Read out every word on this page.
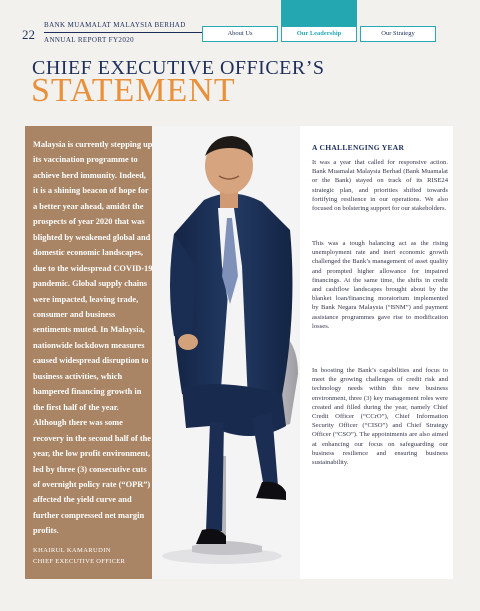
22
BANK MUAMALAT MALAYSIA BERHAD
ANNUAL REPORT FY2020
About Us	Our Leadership	Our Strategy
CHIEF EXECUTIVE OFFICER’S
STATEMENT
Malaysia is currently stepping up its vaccination programme to achieve herd immunity. Indeed, it is a shining beacon of hope for a better year ahead, amidst the prospects of year 2020 that was blighted by weakened global and domestic economic landscapes, due to the widespread COVID-19 pandemic. Global supply chains were impacted, leaving trade, consumer and business sentiments muted. In Malaysia, nationwide lockdown measures caused widespread disruption to business activities, which hampered financing growth in the first half of the year. Although there was some recovery in the second half of the year, the low profit environment, led by three (3) consecutive cuts of overnight policy rate (“OPR”) affected the yield curve and further compressed net margin profits.
KHAIRUL KAMARUDIN
CHIEF EXECUTIVE OFFICER
A CHALLENGING YEAR

It was a year that called for responsive action. Bank Muamalat Malaysia Berhad (Bank Muamalat or the Bank) stayed on track of its RISE24 strategic plan, and priorities shifted towards fortifying resilience in our operations. We also focused on bolstering support for our stakeholders.

This was a tough balancing act as the rising unemployment rate and inert economic growth challenged the Bank’s management of asset quality and prompted higher allowance for impaired financings. At the same time, the shifts in credit and cashflow landscapes brought about by the blanket loan/financing moratorium implemented by Bank Negara Malaysia (“BNM”) and payment assistance programmes gave rise to modification losses.

In boosting the Bank’s capabilities and focus to meet the growing challenges of credit risk and technology needs within this new business environment, three (3) key management roles were created and filled during the year, namely Chief Credit Officer (“CCrO”), Chief Information Security Officer (“CISO”) and Chief Strategy Officer (“CSO”). The appointments are also aimed at enhancing our focus on safeguarding our business resilience and ensuring business sustainability.
